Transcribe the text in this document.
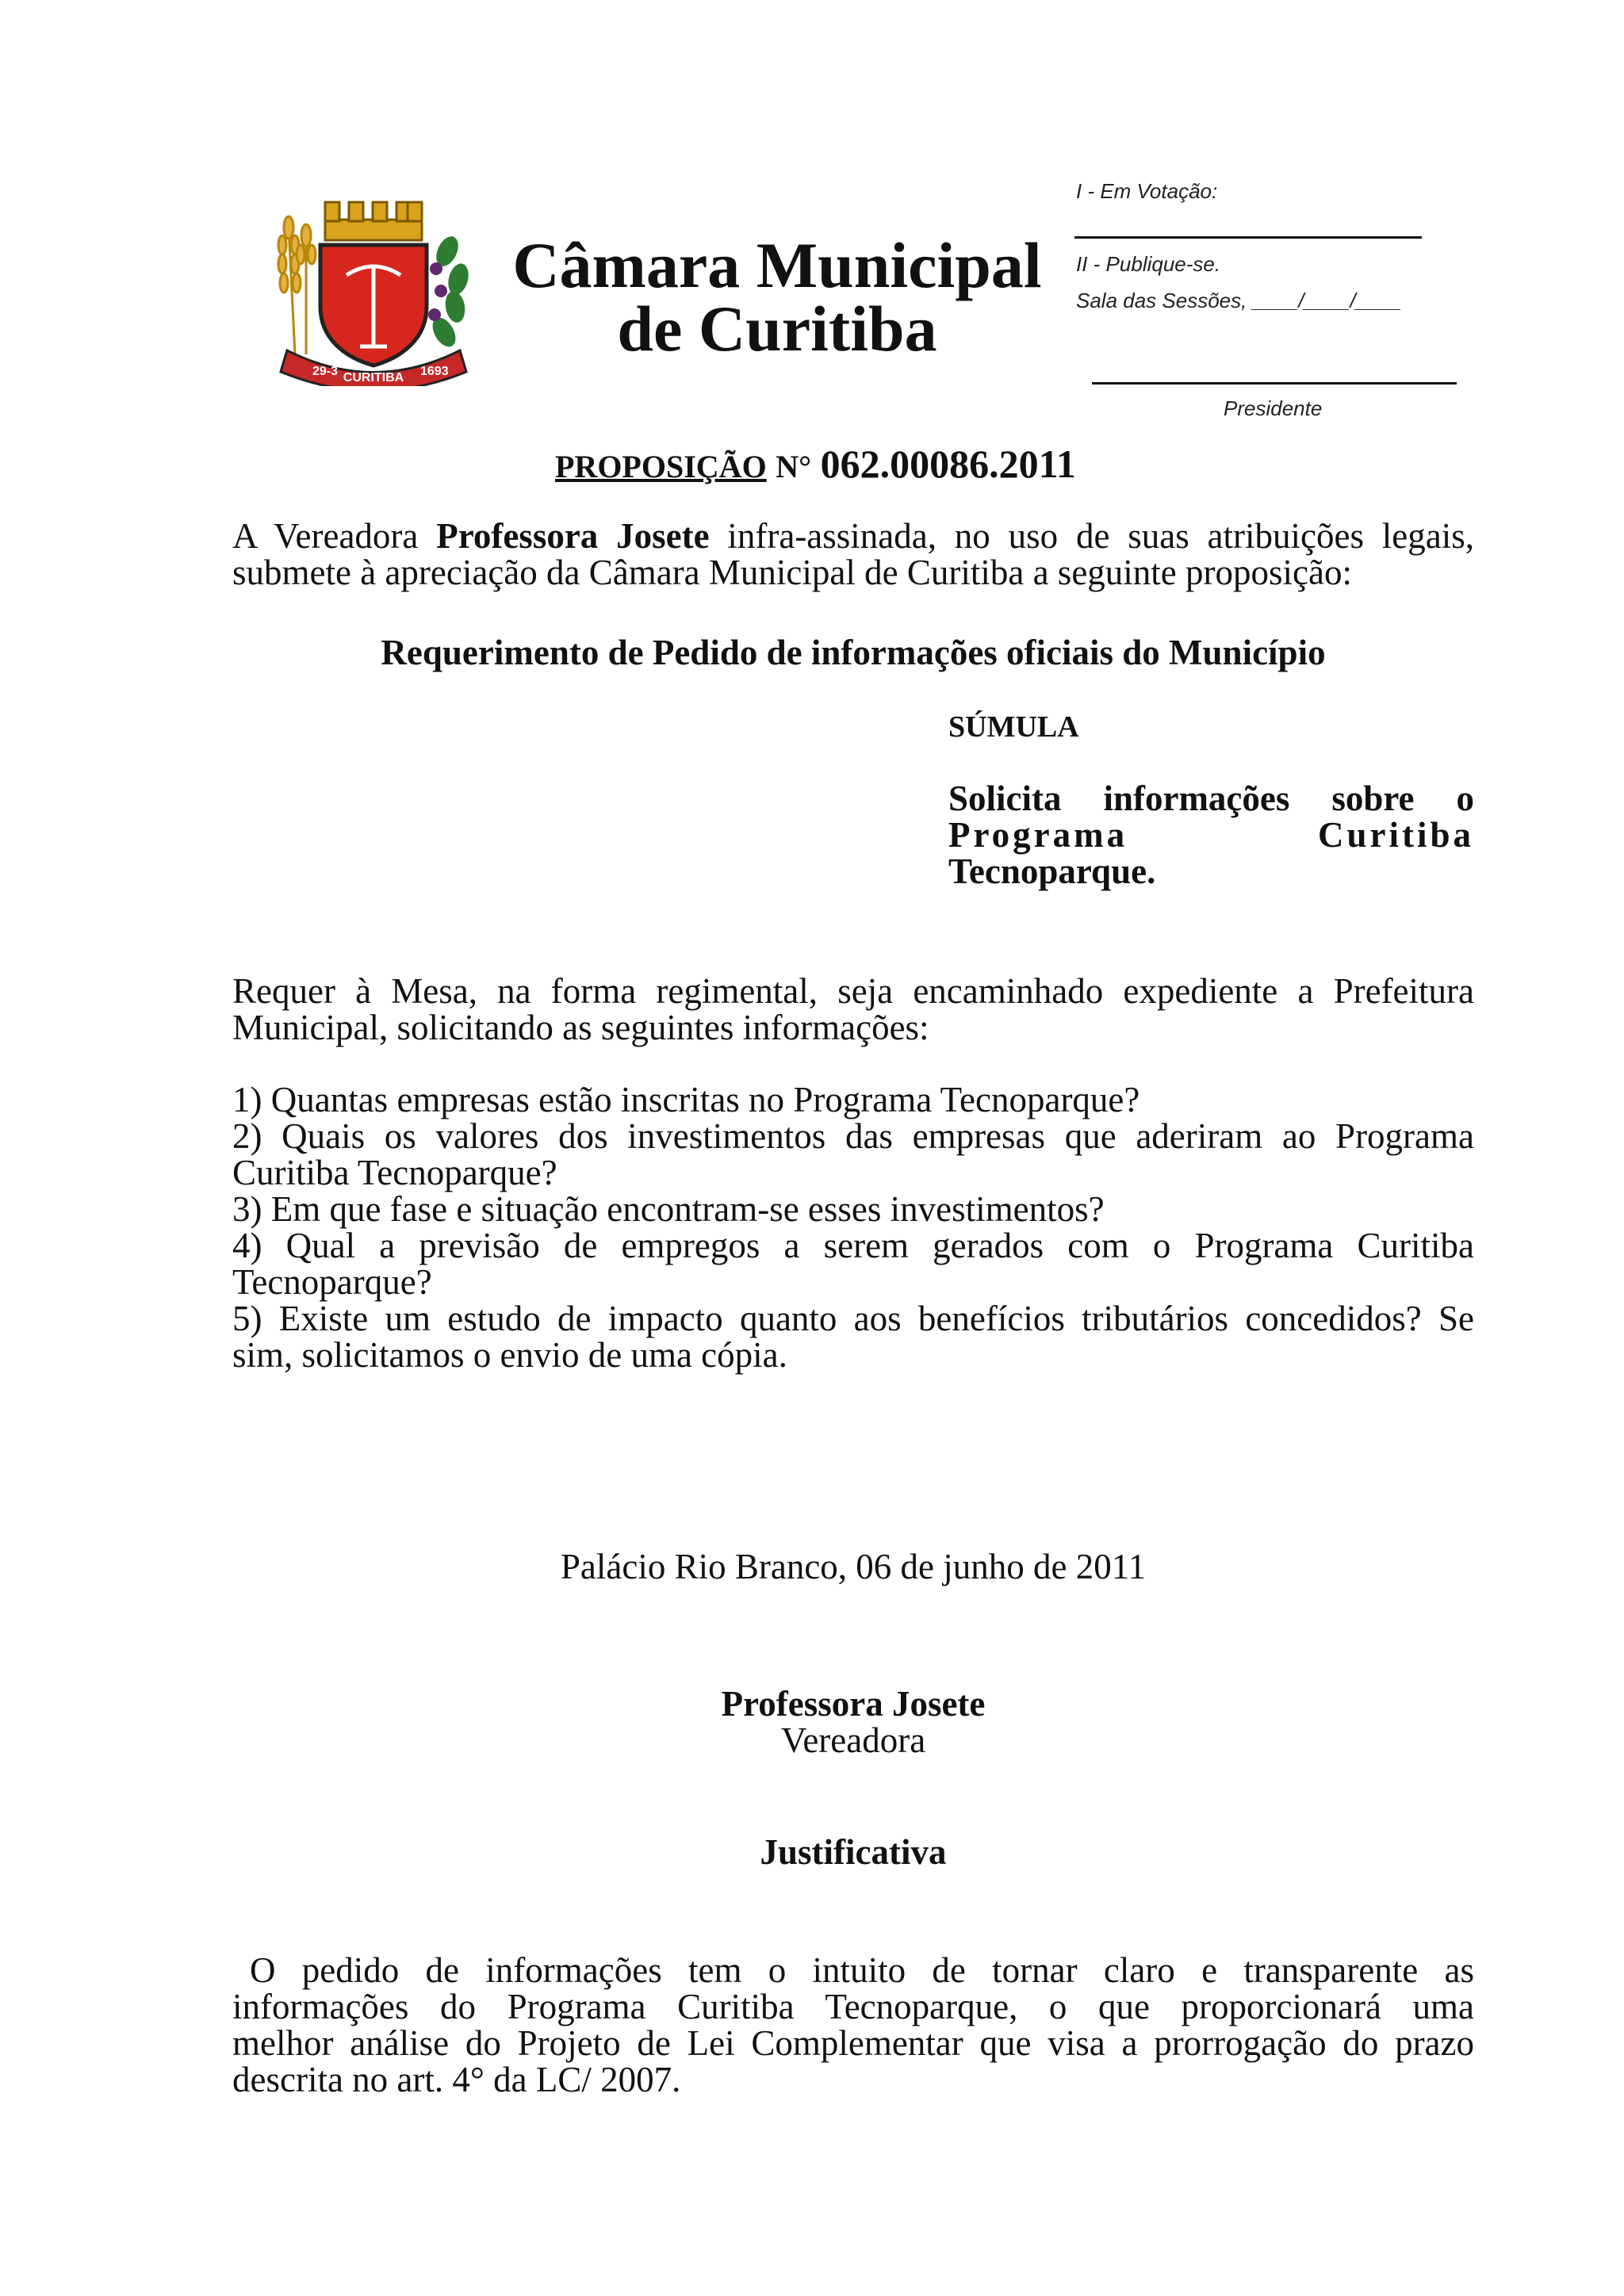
29-3 CURITIBA 1693
Câmara Municipal
de Curitiba
I - Em Votação:
II - Publique-se.
Sala das Sessões, ____/____/____
Presidente
PROPOSIÇÃO N° 062.00086.2011
A Vereadora Professora Josete infra-assinada, no uso de suas atribuições legais,
submete à apreciação da Câmara Municipal de Curitiba a seguinte proposição:
Requerimento de Pedido de informações oficiais do Município
SÚMULA
Solicita informações sobre o
Programa Curitiba
Tecnoparque.
Requer à Mesa, na forma regimental, seja encaminhado expediente a Prefeitura
Municipal, solicitando as seguintes informações:
1) Quantas empresas estão inscritas no Programa Tecnoparque?
2) Quais os valores dos investimentos das empresas que aderiram ao Programa
Curitiba Tecnoparque?
3) Em que fase e situação encontram-se esses investimentos?
4) Qual a previsão de empregos a serem gerados com o Programa Curitiba
Tecnoparque?
5) Existe um estudo de impacto quanto aos benefícios tributários concedidos? Se
sim, solicitamos o envio de uma cópia.
Palácio Rio Branco, 06 de junho de 2011
Professora Josete
Vereadora
Justificativa
O pedido de informações tem o intuito de tornar claro e transparente as
informações do Programa Curitiba Tecnoparque, o que proporcionará uma
melhor análise do Projeto de Lei Complementar que visa a prorrogação do prazo
descrita no art. 4° da LC/ 2007.
